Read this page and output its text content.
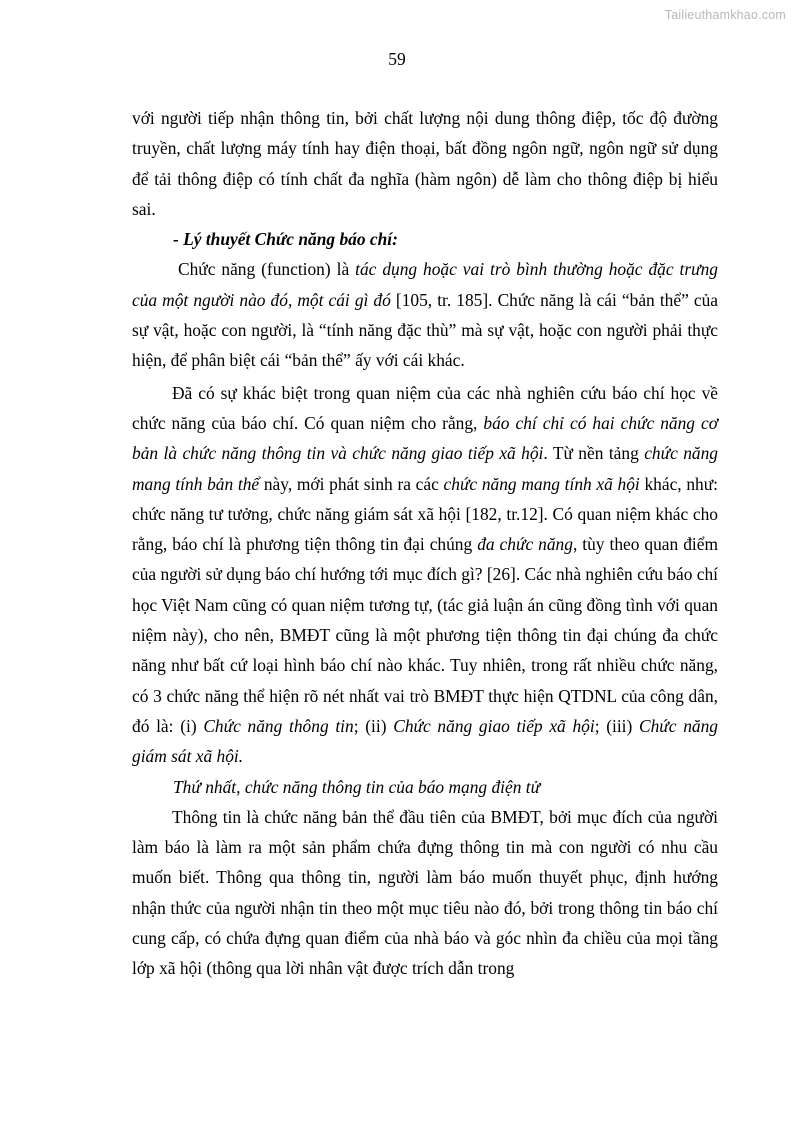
Tailieuthamkhao.com
59

với người tiếp nhận thông tin, bởi chất lượng nội dung thông điệp, tốc độ đường truyền, chất lượng máy tính hay điện thoại, bất đồng ngôn ngữ, ngôn ngữ sử dụng để tải thông điệp có tính chất đa nghĩa (hàm ngôn) dễ làm cho thông điệp bị hiểu sai.

- Lý thuyết Chức năng báo chí:

Chức năng (function) là tác dụng hoặc vai trò bình thường hoặc đặc trưng của một người nào đó, một cái gì đó [105, tr. 185]. Chức năng là cái “bản thể” của sự vật, hoặc con người, là “tính năng đặc thù” mà sự vật, hoặc con người phải thực hiện, để phân biệt cái “bản thể” ấy với cái khác.

Đã có sự khác biệt trong quan niệm của các nhà nghiên cứu báo chí học về chức năng của báo chí. Có quan niệm cho rằng, báo chí chỉ có hai chức năng cơ bản là chức năng thông tin và chức năng giao tiếp xã hội. Từ nền tảng chức năng mang tính bản thể này, mới phát sinh ra các chức năng mang tính xã hội khác, như: chức năng tư tưởng, chức năng giám sát xã hội [182, tr.12]. Có quan niệm khác cho rằng, báo chí là phương tiện thông tin đại chúng đa chức năng, tùy theo quan điểm của người sử dụng báo chí hướng tới mục đích gì? [26]. Các nhà nghiên cứu báo chí học Việt Nam cũng có quan niệm tương tự, (tác giả luận án cũng đồng tình với quan niệm này), cho nên, BMĐT cũng là một phương tiện thông tin đại chúng đa chức năng như bất cứ loại hình báo chí nào khác. Tuy nhiên, trong rất nhiều chức năng, có 3 chức năng thể hiện rõ nét nhất vai trò BMĐT thực hiện QTDNL của công dân, đó là: (i) Chức năng thông tin; (ii) Chức năng giao tiếp xã hội; (iii) Chức năng giám sát xã hội.

Thứ nhất, chức năng thông tin của báo mạng điện tử

Thông tin là chức năng bản thể đầu tiên của BMĐT, bởi mục đích của người làm báo là làm ra một sản phẩm chứa đựng thông tin mà con người có nhu cầu muốn biết. Thông qua thông tin, người làm báo muốn thuyết phục, định hướng nhận thức của người nhận tin theo một mục tiêu nào đó, bởi trong thông tin báo chí cung cấp, có chứa đựng quan điểm của nhà báo và góc nhìn đa chiều của mọi tầng lớp xã hội (thông qua lời nhân vật được trích dẫn trong
